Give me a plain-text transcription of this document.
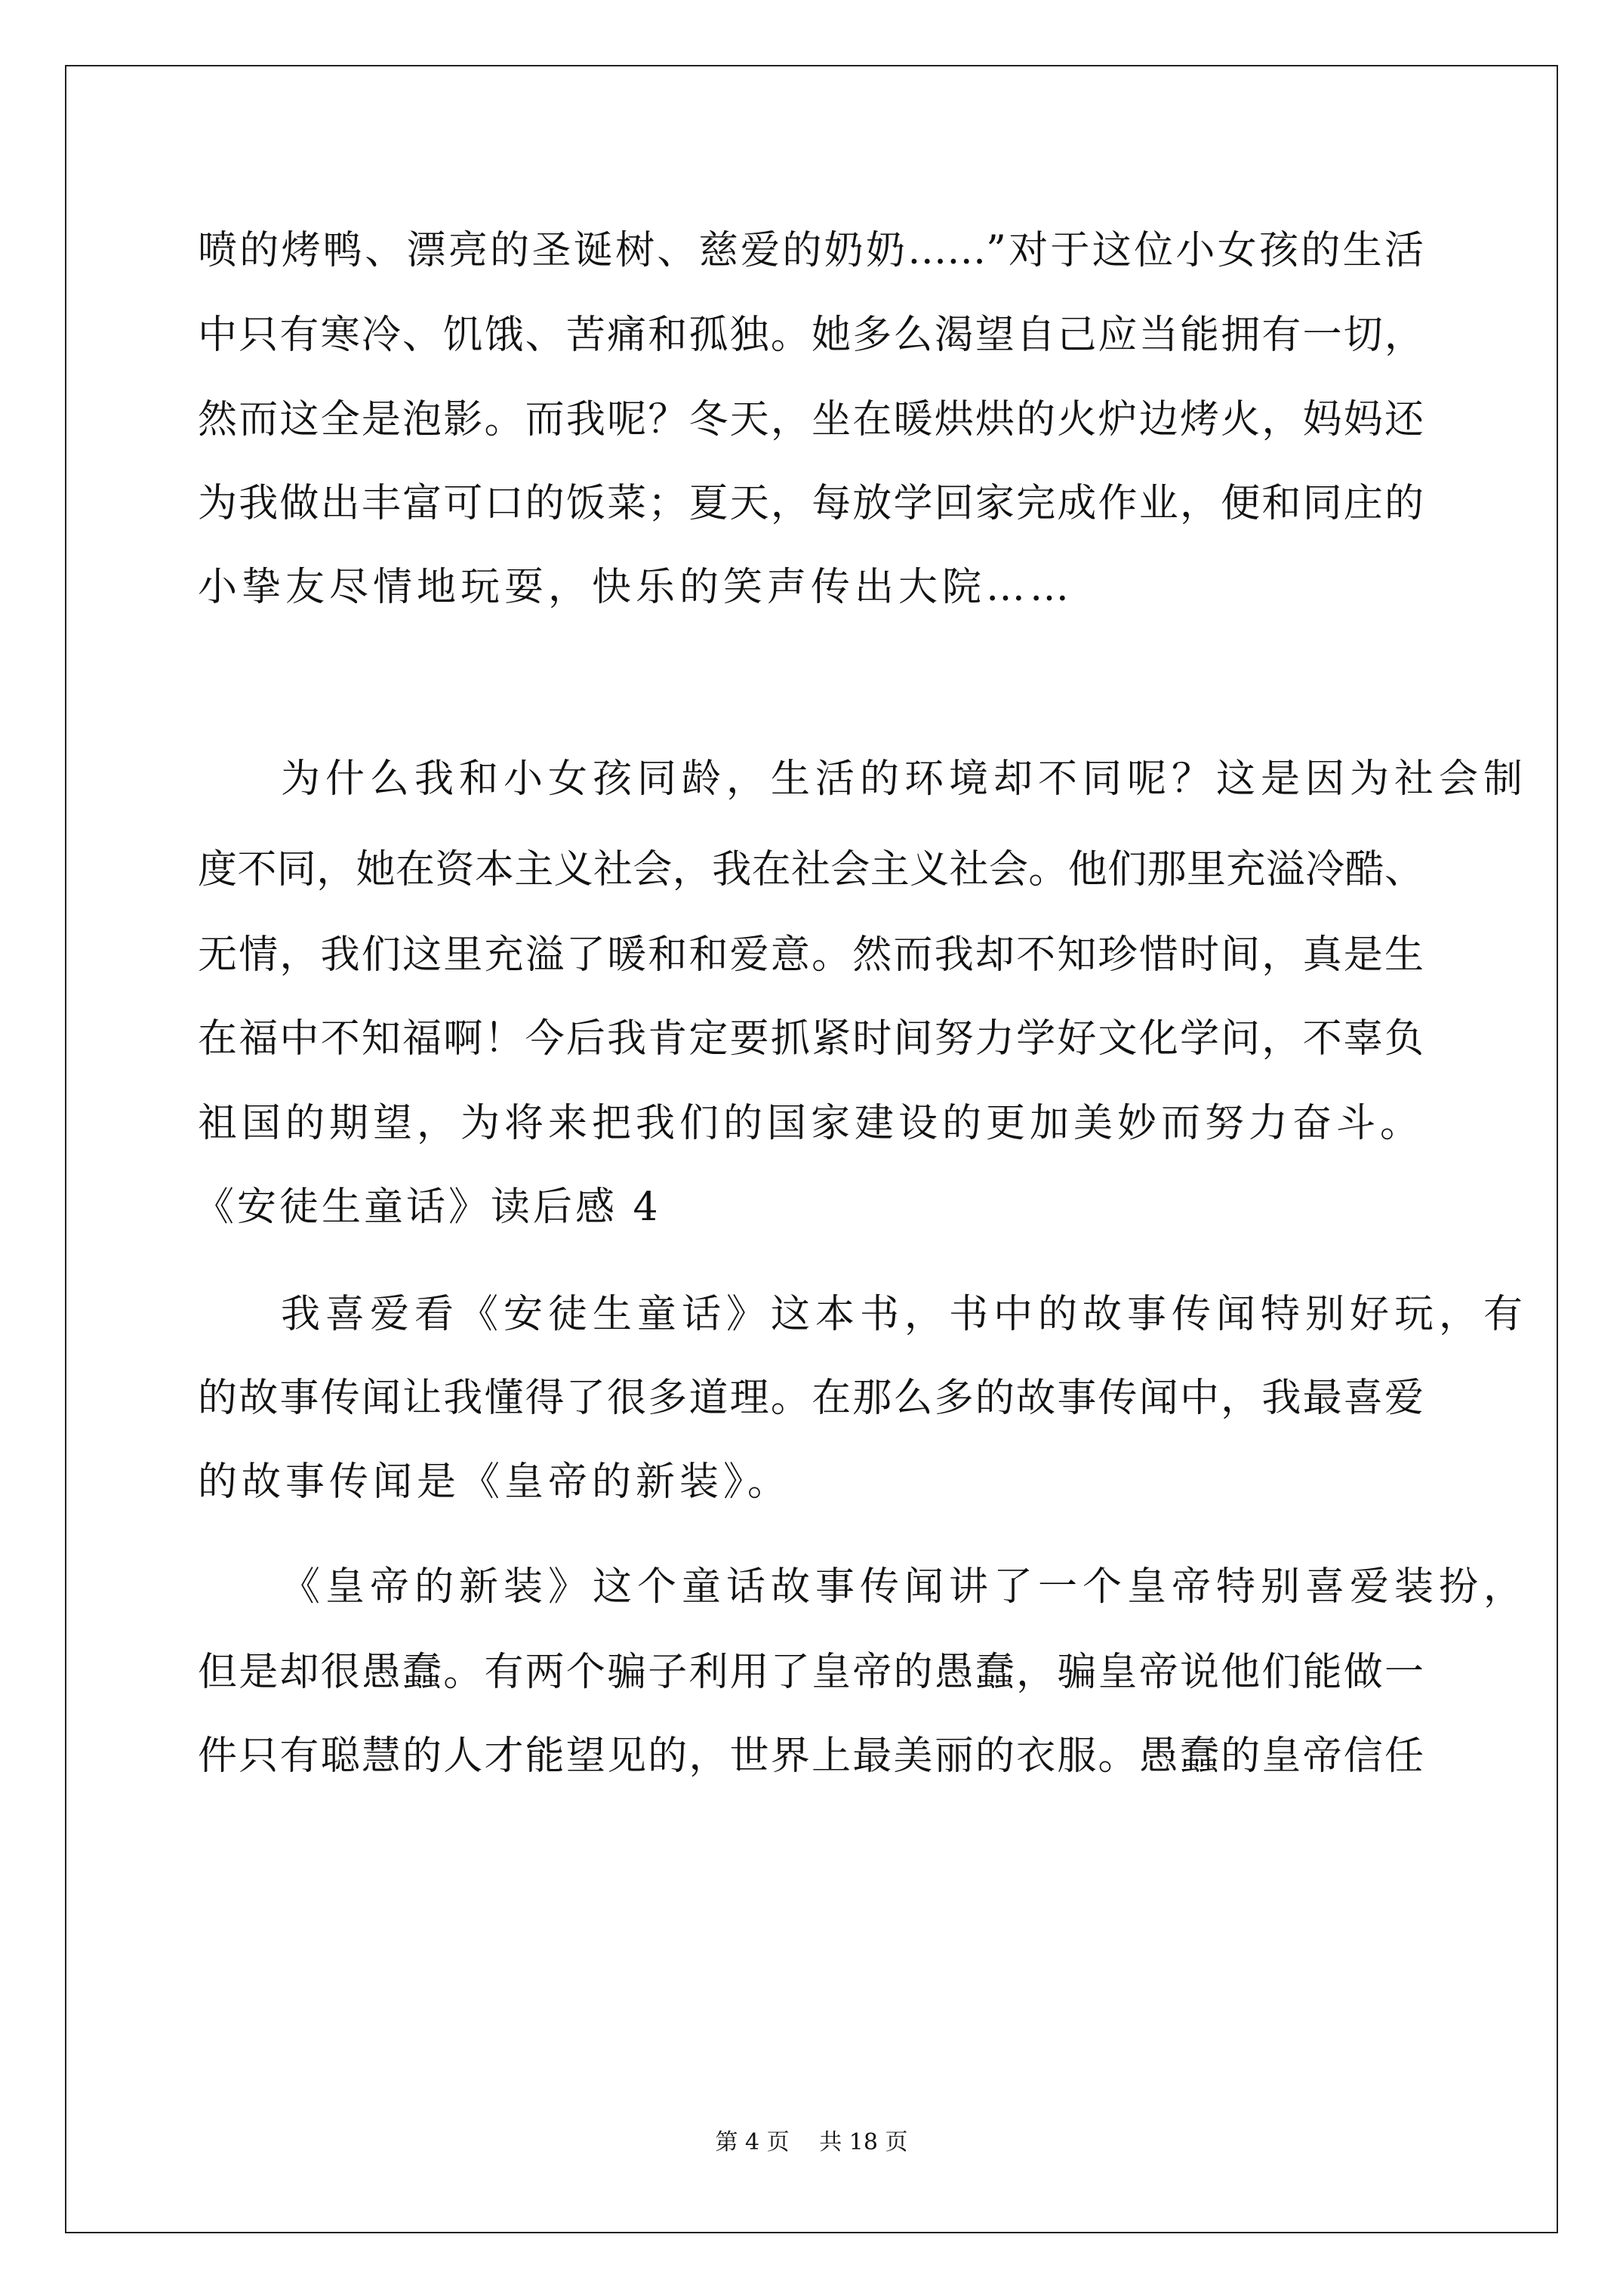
喷的烤鸭、漂亮的圣诞树、慈爱的奶奶……”对于这位小女孩的生活
中只有寒冷、饥饿、苦痛和孤独。她多么渴望自己应当能拥有一切，
然而这全是泡影。而我呢？冬天，坐在暖烘烘的火炉边烤火，妈妈还
为我做出丰富可口的饭菜；夏天，每放学回家完成作业，便和同庄的
小挚友尽情地玩耍，快乐的笑声传出大院……
为什么我和小女孩同龄，生活的环境却不同呢？这是因为社会制
度不同，她在资本主义社会，我在社会主义社会。他们那里充溢冷酷、
无情，我们这里充溢了暖和和爱意。然而我却不知珍惜时间，真是生
在福中不知福啊！今后我肯定要抓紧时间努力学好文化学问，不辜负
祖国的期望，为将来把我们的国家建设的更加美妙而努力奋斗。
《安徒生童话》读后感 4
我喜爱看《安徒生童话》这本书，书中的故事传闻特别好玩，有
的故事传闻让我懂得了很多道理。在那么多的故事传闻中，我最喜爱
的故事传闻是《皇帝的新装》。
《皇帝的新装》这个童话故事传闻讲了一个皇帝特别喜爱装扮，
但是却很愚蠢。有两个骗子利用了皇帝的愚蠢，骗皇帝说他们能做一
件只有聪慧的人才能望见的，世界上最美丽的衣服。愚蠢的皇帝信任
第 4 页　 共 18 页
